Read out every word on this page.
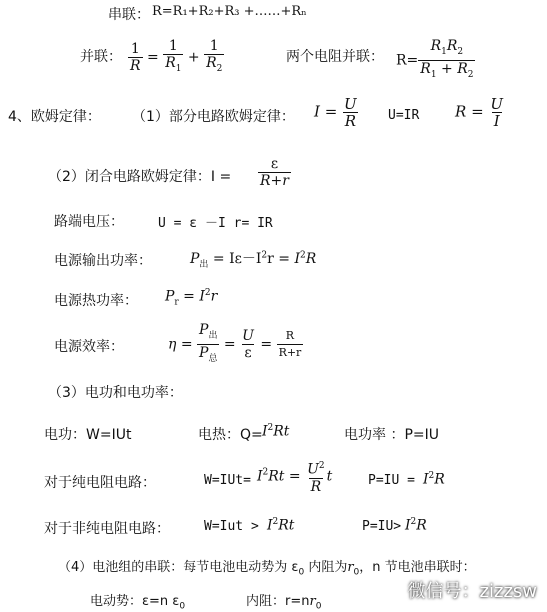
串联： R=R₁+R₂+R₃ +……+Rₙ
并联： $\frac{1}{R} = \frac{1}{R_1} + \frac{1}{R_2}$	两个电阻并联： $R= \frac{R_1R_2}{R_1 + R_2}$
4、欧姆定律： （1）部分电路欧姆定律： $I = \frac{U}{R} U=IR$ $R = \frac{U}{I}$
（2）闭合电路欧姆定律：$I = \frac{\varepsilon}{R+r}$
路端电压：	U = ε －I r= IR
电源输出功率：	$P_出 = I\varepsilon-I^2r = I^2R$
电源热功率： $P_r = I^2r$
电源效率：	$\eta = \frac{P_出}{P_总} = \frac{U}{\varepsilon} = \frac{R}{R+r}$
（3）电功和电功率：
电功：W=IUt	电热：$Q= I^2Rt$	电功率 ：P=IU
对于纯电阻电路：	$W=IUt= I^2Rt = \frac{U^2}{R}$ t	$P=IU = I^2R$
对于非纯电阻电路：	$W=Iut > I^2Rt$	$P=IU> I^2R$
（4）电池组的串联：每节电池电动势为 $\varepsilon_0$ 内阻为$r_0$，n 节电池串联时：
电动势：ε=n $\varepsilon_0$	内阻：$r=nr_0$
微信号：zizzsw
